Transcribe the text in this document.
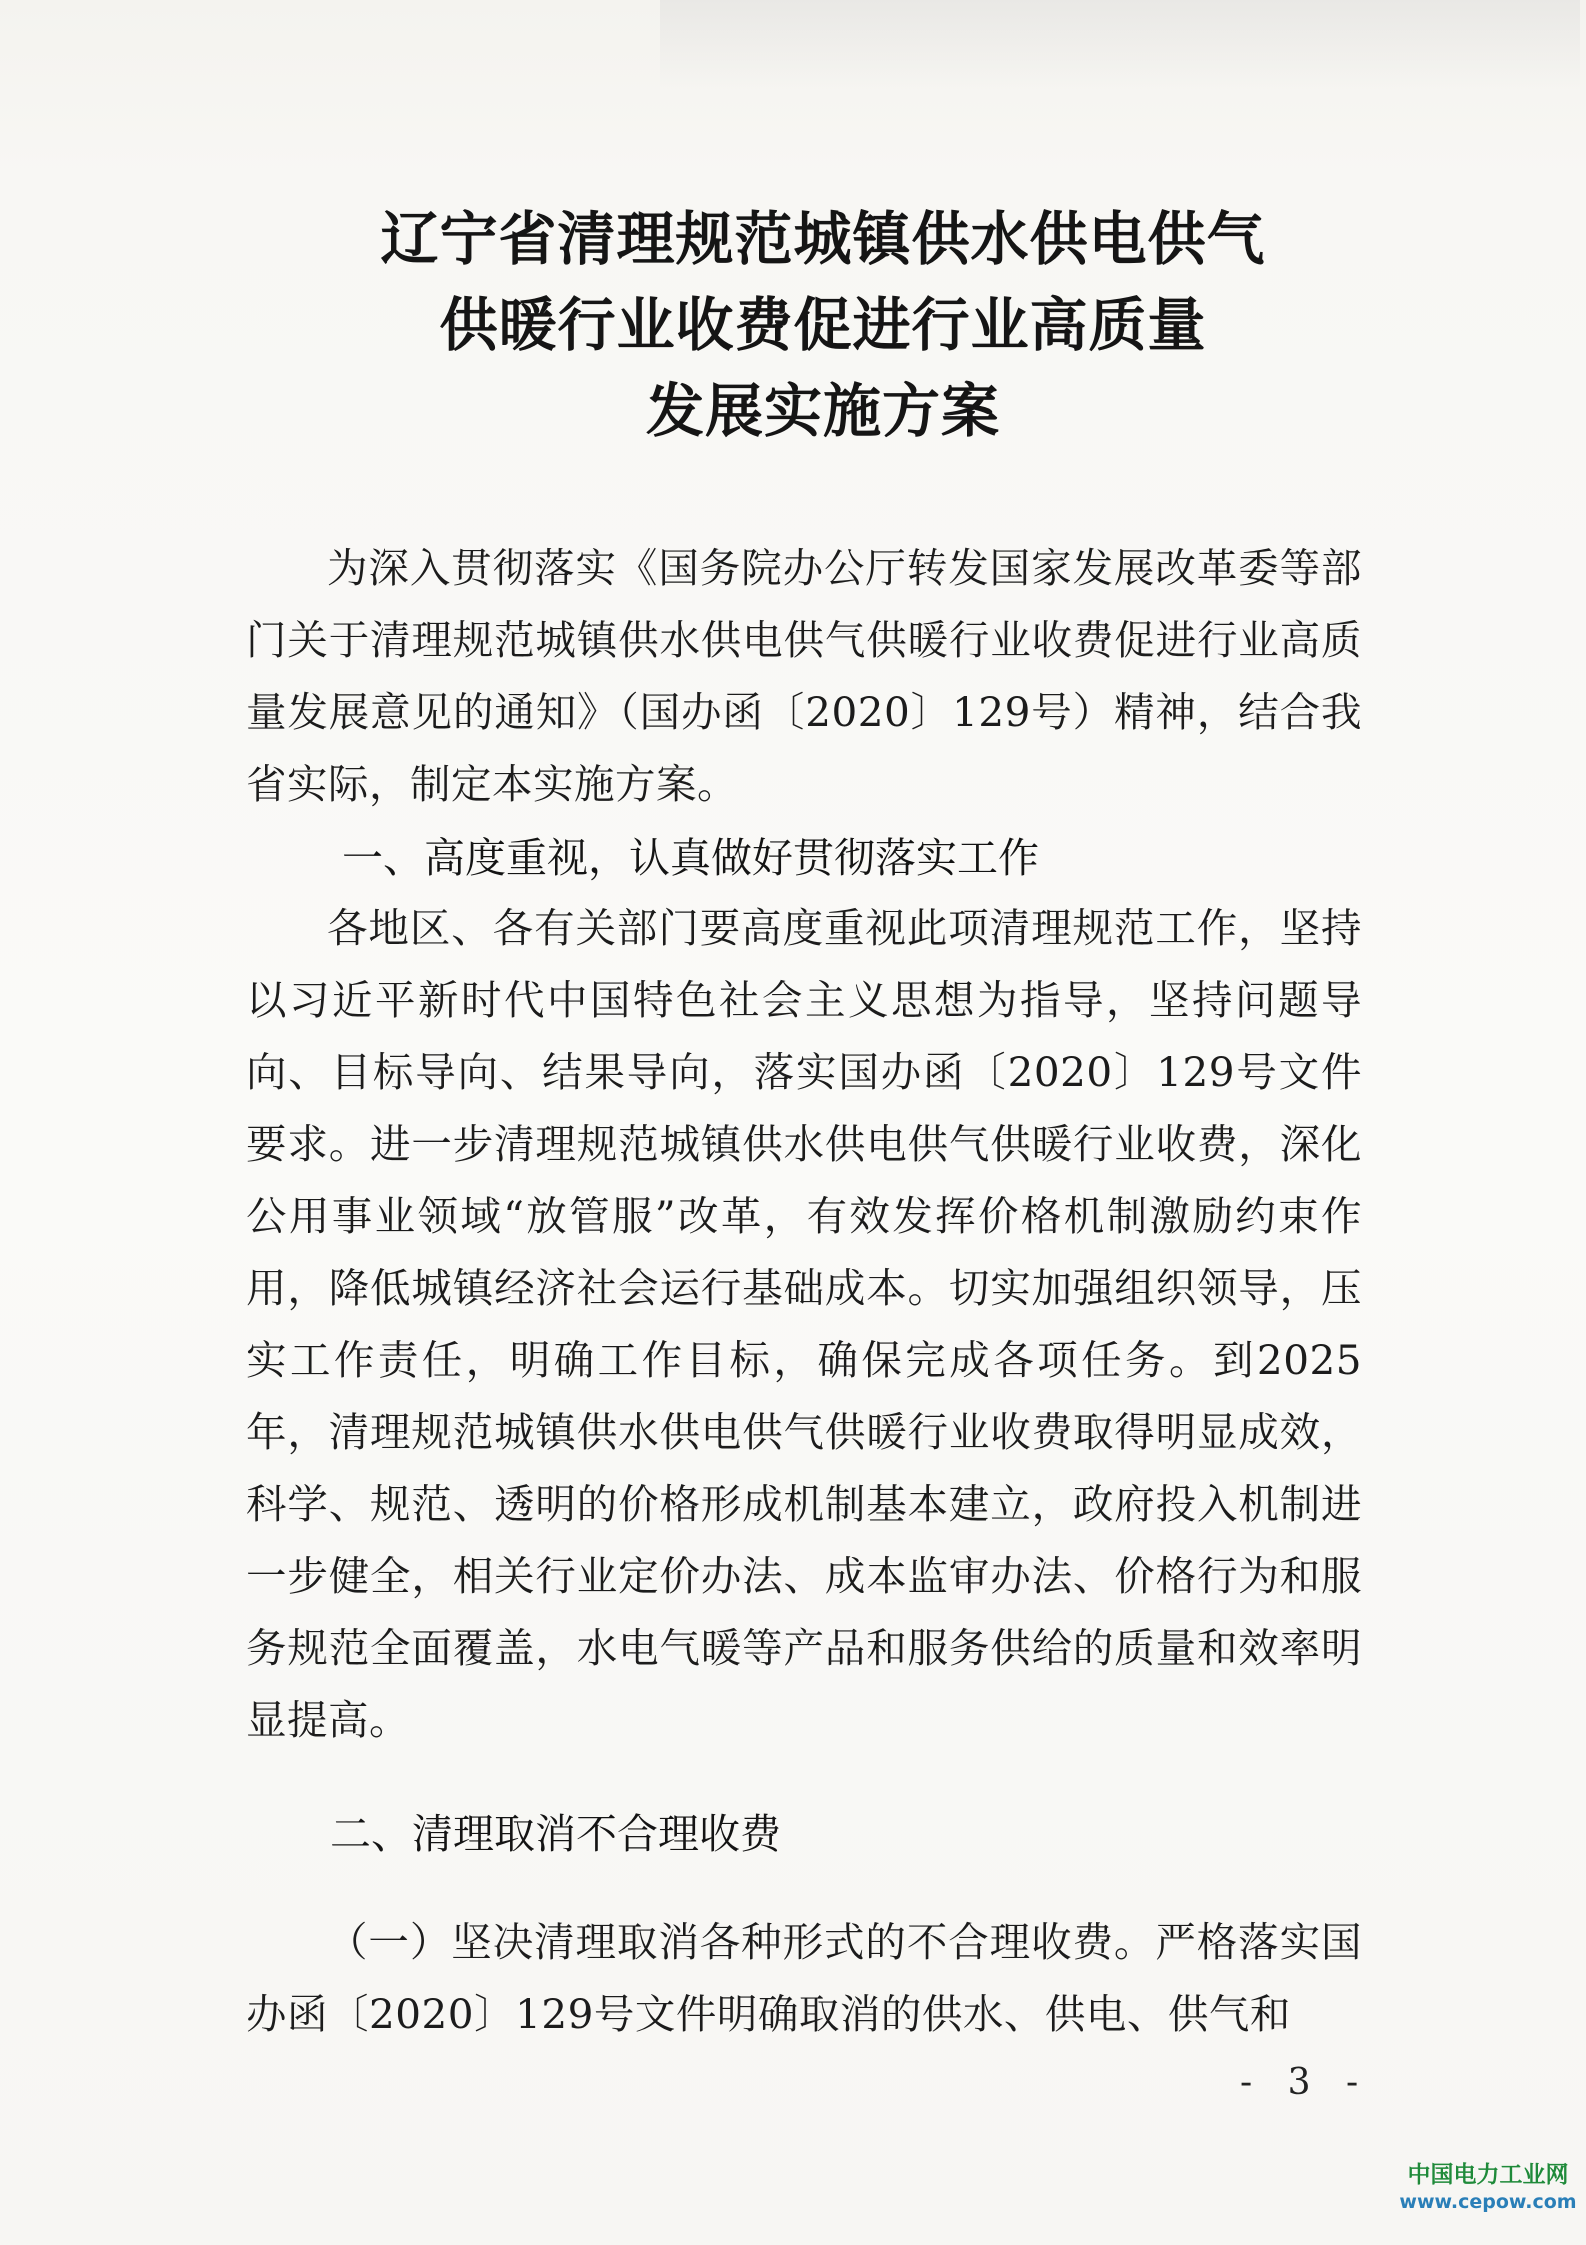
辽宁省清理规范城镇供水供电供气
供暖行业收费促进行业高质量
发展实施方案

为深入贯彻落实《国务院办公厅转发国家发展改革委等部门关于清理规范城镇供水供电供气供暖行业收费促进行业高质量发展意见的通知》（国办函〔2020〕129号）精神，结合我省实际，制定本实施方案。

一、高度重视，认真做好贯彻落实工作

各地区、各有关部门要高度重视此项清理规范工作，坚持以习近平新时代中国特色社会主义思想为指导，坚持问题导向、目标导向、结果导向，落实国办函〔2020〕129号文件要求。进一步清理规范城镇供水供电供气供暖行业收费，深化公用事业领域“放管服”改革，有效发挥价格机制激励约束作用，降低城镇经济社会运行基础成本。切实加强组织领导，压实工作责任，明确工作目标，确保完成各项任务。到2025年，清理规范城镇供水供电供气供暖行业收费取得明显成效，科学、规范、透明的价格形成机制基本建立，政府投入机制进一步健全，相关行业定价办法、成本监审办法、价格行为和服务规范全面覆盖，水电气暖等产品和服务供给的质量和效率明显提高。

二、清理取消不合理收费

（一）坚决清理取消各种形式的不合理收费。严格落实国办函〔2020〕129号文件明确取消的供水、供电、供气和

- 3 -
中国电力工业网
www.cepow.com
